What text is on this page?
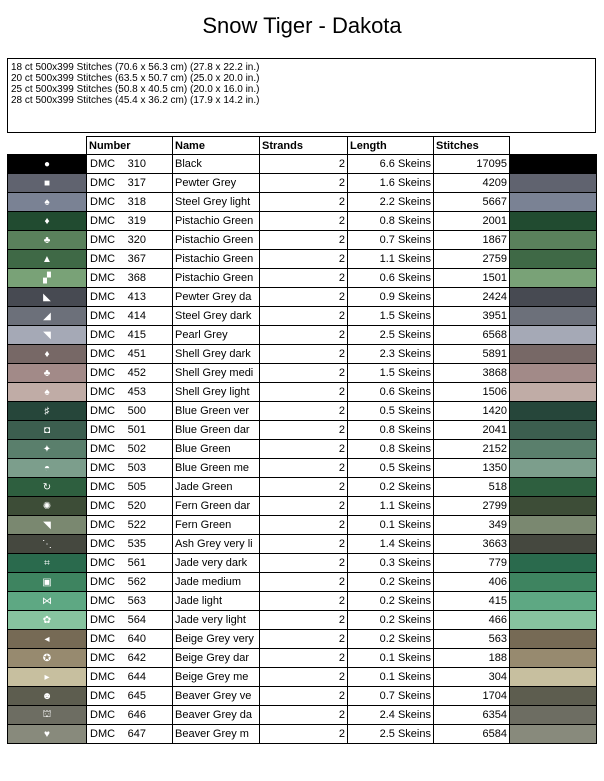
Snow Tiger - Dakota
18 ct 500x399 Stitches (70.6 x 56.3 cm) (27.8 x 22.2 in.)
20 ct 500x399 Stitches (63.5 x 50.7 cm) (25.0 x 20.0 in.)
25 ct 500x399 Stitches (50.8 x 40.5 cm) (20.0 x 16.0 in.)
28 ct 500x399 Stitches (45.4 x 36.2 cm) (17.9 x 14.2 in.)
	Number	Name	Strands	Length	Stitches	
●	DMC 310	Black	2	6.6 Skeins	17095	
■	DMC 317	Pewter Grey	2	1.6 Skeins	4209	
♠	DMC 318	Steel Grey light	2	2.2 Skeins	5667	
♦	DMC 319	Pistachio Green	2	0.8 Skeins	2001	
♣	DMC 320	Pistachio Green	2	0.7 Skeins	1867	
▲	DMC 367	Pistachio Green	2	1.1 Skeins	2759	
▞	DMC 368	Pistachio Green	2	0.6 Skeins	1501	
◣	DMC 413	Pewter Grey da	2	0.9 Skeins	2424	
◢	DMC 414	Steel Grey dark	2	1.5 Skeins	3951	
◥	DMC 415	Pearl Grey	2	2.5 Skeins	6568	
♦	DMC 451	Shell Grey dark	2	2.3 Skeins	5891	
♣	DMC 452	Shell Grey medi	2	1.5 Skeins	3868	
♠	DMC 453	Shell Grey light	2	0.6 Skeins	1506	
♯	DMC 500	Blue Green ver	2	0.5 Skeins	1420	
◘	DMC 501	Blue Green dar	2	0.8 Skeins	2041	
✦	DMC 502	Blue Green	2	0.8 Skeins	2152	
◓	DMC 503	Blue Green me	2	0.5 Skeins	1350	
↻	DMC 505	Jade Green	2	0.2 Skeins	518	
✺	DMC 520	Fern Green dar	2	1.1 Skeins	2799	
◥	DMC 522	Fern Green	2	0.1 Skeins	349	
⋱	DMC 535	Ash Grey very li	2	1.4 Skeins	3663	
⌗	DMC 561	Jade very dark	2	0.3 Skeins	779	
▣	DMC 562	Jade medium	2	0.2 Skeins	406	
⋈	DMC 563	Jade light	2	0.2 Skeins	415	
✿	DMC 564	Jade very light	2	0.2 Skeins	466	
◂	DMC 640	Beige Grey very	2	0.2 Skeins	563	
✪	DMC 642	Beige Grey dar	2	0.1 Skeins	188	
▸	DMC 644	Beige Grey me	2	0.1 Skeins	304	
☻	DMC 645	Beaver Grey ve	2	0.7 Skeins	1704	
⛫	DMC 646	Beaver Grey da	2	2.4 Skeins	6354	
♥	DMC 647	Beaver Grey m	2	2.5 Skeins	6584	
